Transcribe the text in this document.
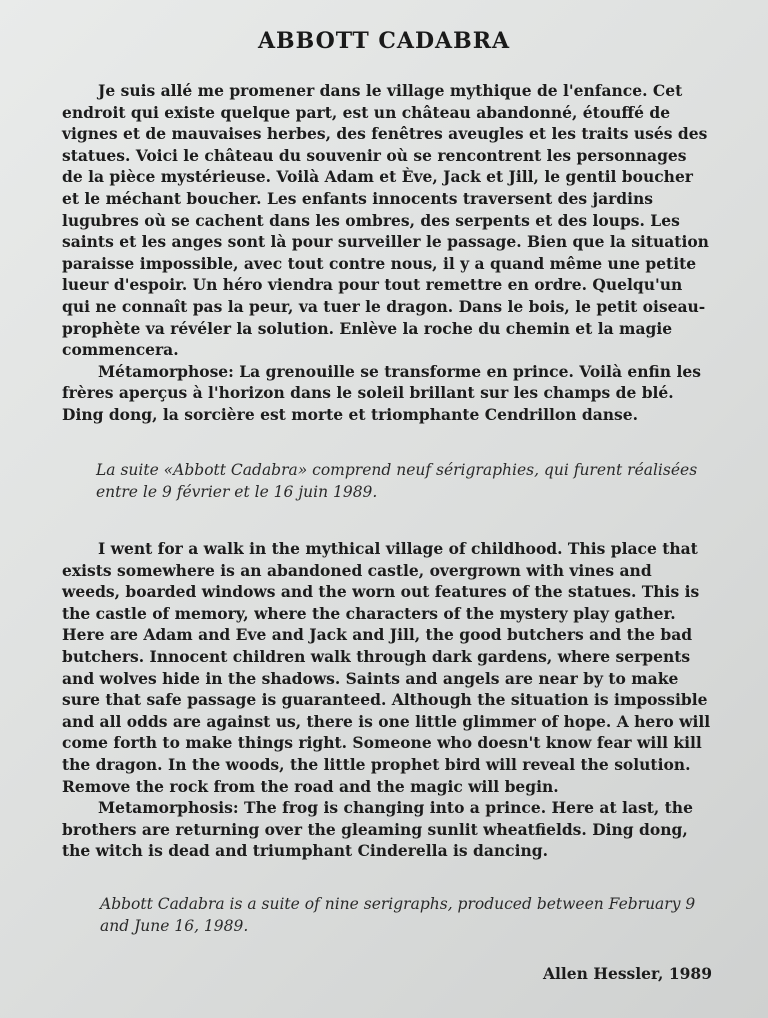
ABBOTT CADABRA

Je suis allé me promener dans le village mythique de l'enfance. Cet endroit qui existe quelque part, est un château abandonné, étouffé de vignes et de mauvaises herbes, des fenêtres aveugles et les traits usés des statues. Voici le château du souvenir où se rencontrent les personnages de la pièce mystérieuse. Voilà Adam et Ève, Jack et Jill, le gentil boucher et le méchant boucher. Les enfants innocents traversent des jardins lugubres où se cachent dans les ombres, des serpents et des loups. Les saints et les anges sont là pour surveiller le passage. Bien que la situation paraisse impossible, avec tout contre nous, il y a quand même une petite lueur d'espoir. Un héro viendra pour tout remettre en ordre. Quelqu'un qui ne connaît pas la peur, va tuer le dragon. Dans le bois, le petit oiseau-prophète va révéler la solution. Enlève la roche du chemin et la magie commencera.

Métamorphose: La grenouille se transforme en prince. Voilà enfin les frères aperçus à l'horizon dans le soleil brillant sur les champs de blé. Ding dong, la sorcière est morte et triomphante Cendrillon danse.

La suite «Abbott Cadabra» comprend neuf sérigraphies, qui furent réalisées entre le 9 février et le 16 juin 1989.

I went for a walk in the mythical village of childhood. This place that exists somewhere is an abandoned castle, overgrown with vines and weeds, boarded windows and the worn out features of the statues. This is the castle of memory, where the characters of the mystery play gather. Here are Adam and Eve and Jack and Jill, the good butchers and the bad butchers. Innocent children walk through dark gardens, where serpents and wolves hide in the shadows. Saints and angels are near by to make sure that safe passage is guaranteed. Although the situation is impossible and all odds are against us, there is one little glimmer of hope. A hero will come forth to make things right. Someone who doesn't know fear will kill the dragon. In the woods, the little prophet bird will reveal the solution. Remove the rock from the road and the magic will begin.

Metamorphosis: The frog is changing into a prince. Here at last, the brothers are returning over the gleaming sunlit wheatfields. Ding dong, the witch is dead and triumphant Cinderella is dancing.

Abbott Cadabra is a suite of nine serigraphs, produced between February 9 and June 16, 1989.

Allen Hessler, 1989
